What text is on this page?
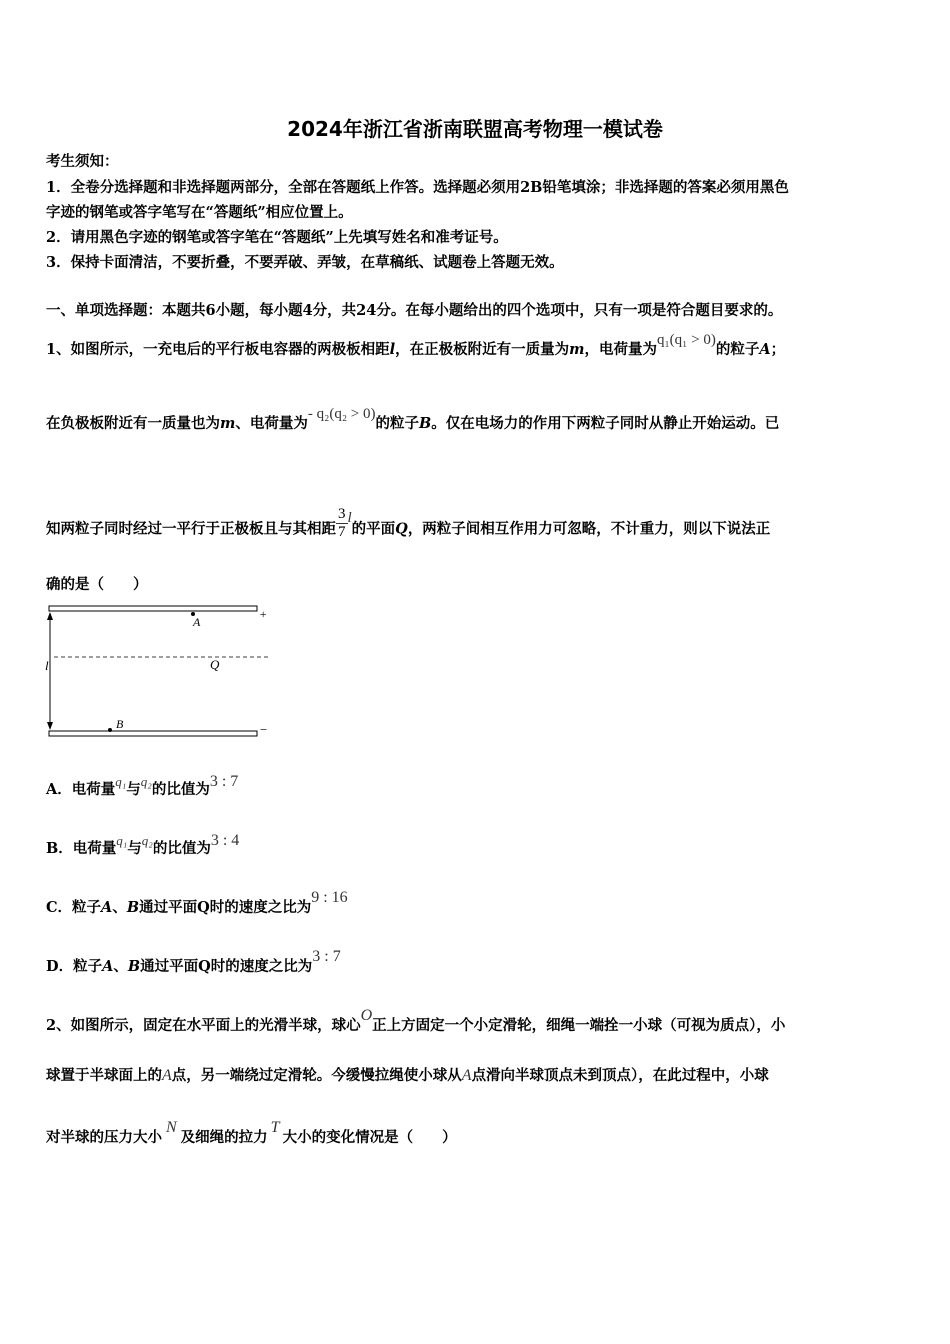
2024年浙江省浙南联盟高考物理一模试卷
考生须知：
1．全卷分选择题和非选择题两部分，全部在答题纸上作答。选择题必须用2B铅笔填涂；非选择题的答案必须用黑色
字迹的钢笔或答字笔写在“答题纸”相应位置上。
2．请用黑色字迹的钢笔或答字笔在“答题纸”上先填写姓名和准考证号。
3．保持卡面清洁，不要折叠，不要弄破、弄皱，在草稿纸、试题卷上答题无效。
一、单项选择题：本题共6小题，每小题4分，共24分。在每小题给出的四个选项中，只有一项是符合题目要求的。
1、如图所示，一充电后的平行板电容器的两极板相距l，在正极板附近有一质量为m，电荷量为q₁(q₁ > 0)的粒子A；
在负极板附近有一质量也为m、电荷量为- q₂(q₂ > 0)的粒子B。仅在电场力的作用下两粒子同时从静止开始运动。已
知两粒子同时经过一平行于正极板且与其相距 $\frac{3}{7}$ l的平面Q，两粒子间相互作用力可忽略，不计重力，则以下说法正
确的是（　　）
+
−
l	Q
A
B
A．电荷量q₁与q₂的比值为3 : 7
B．电荷量q₁与q₂的比值为3 : 4
C．粒子A、B通过平面Q时的速度之比为9 : 16
D．粒子A、B通过平面Q时的速度之比为3 : 7
2、如图所示，固定在水平面上的光滑半球，球心O正上方固定一个小定滑轮，细绳一端拴一小球（可视为质点），小
球置于半球面上的A点，另一端绕过定滑轮。今缓慢拉绳使小球从A点滑向半球顶点未到顶点），在此过程中，小球
对半球的压力大小N及细绳的拉力T大小的变化情况是（　　）
